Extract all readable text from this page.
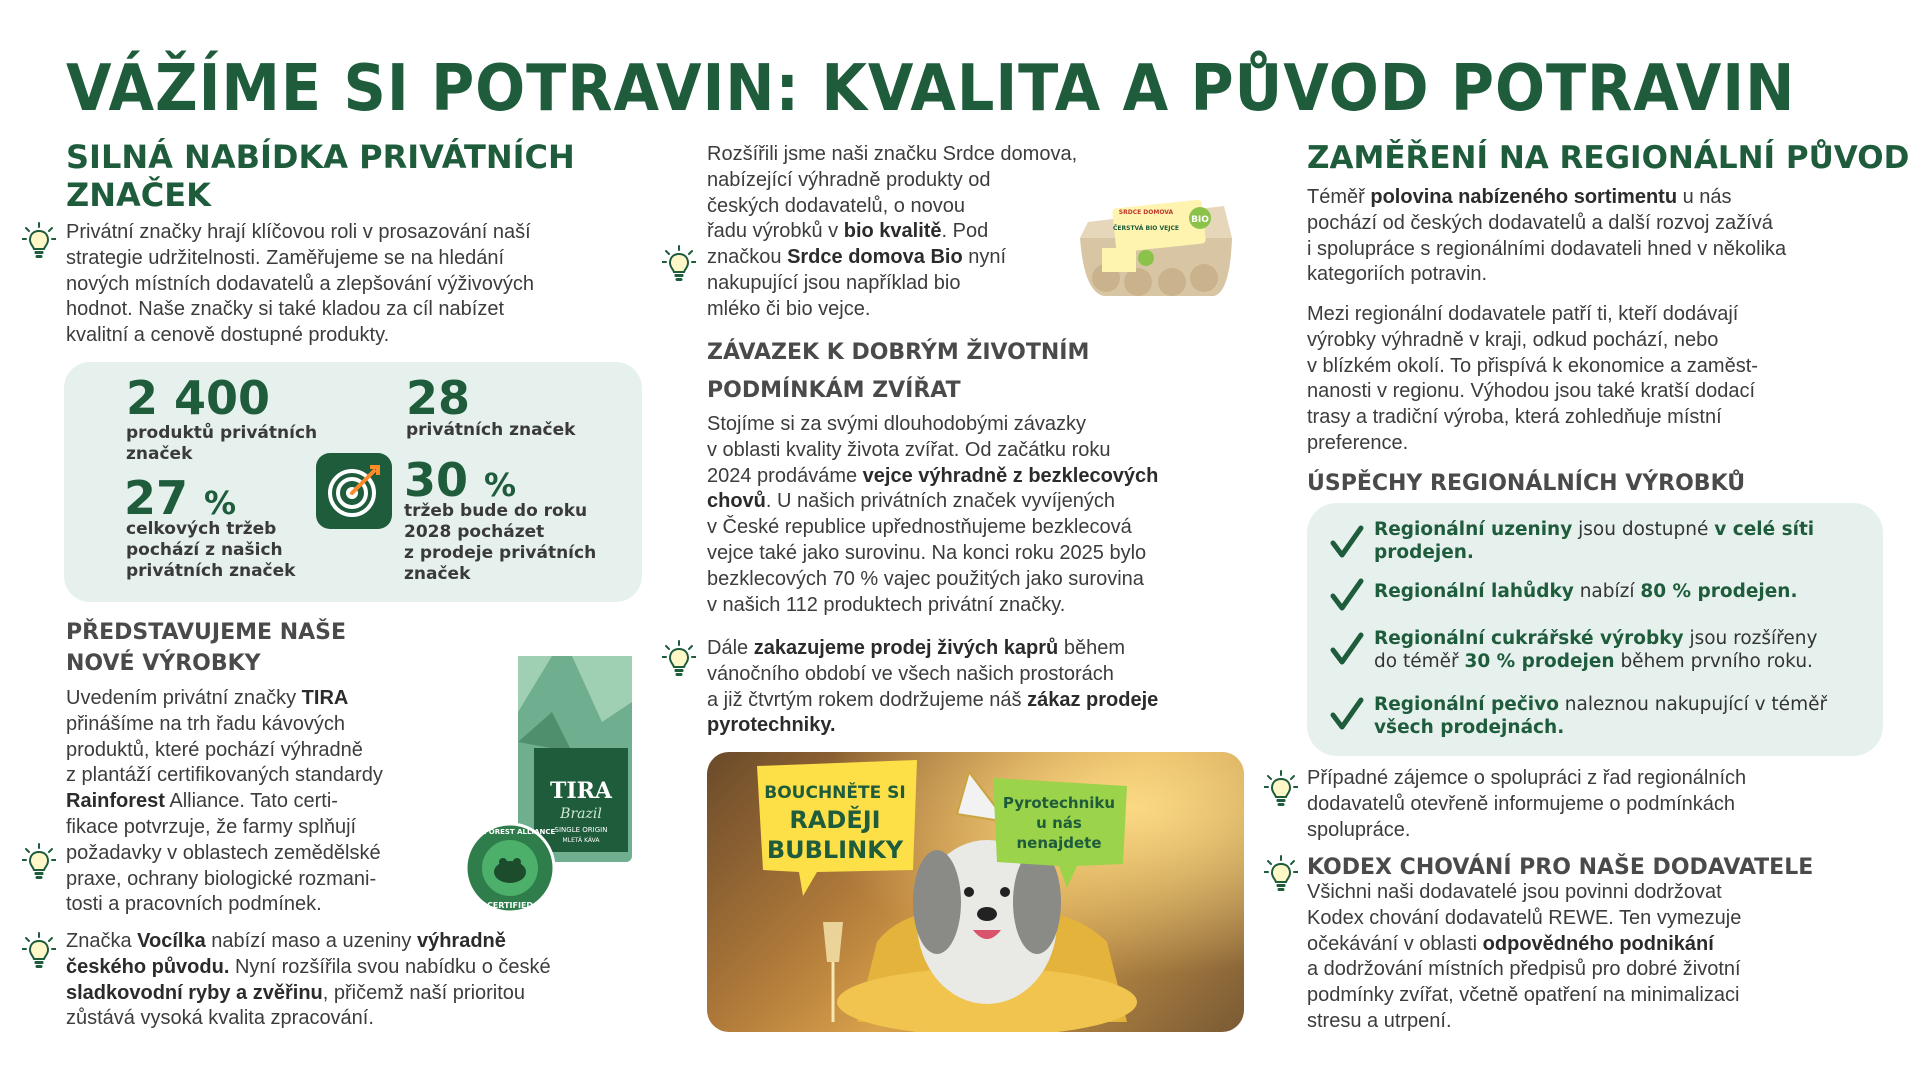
VÁŽÍME SI POTRAVIN: KVALITA A PŮVOD POTRAVIN
SILNÁ NABÍDKA PRIVÁTNÍCH
ZNAČEK
Privátní značky hrají klíčovou roli v prosazování naší
strategie udržitelnosti. Zaměřujeme se na hledání
nových místních dodavatelů a zlepšování výživových
hodnot. Naše značky si také kladou za cíl nabízet
kvalitní a cenově dostupné produkty.
2 400
produktů privátních
značek
28
privátních značek
27 %
celkových tržeb
pochází z našich
privátních značek
30 %
tržeb bude do roku
2028 pocházet
z prodeje privátních
značek
PŘEDSTAVUJEME NAŠE
NOVÉ VÝROBKY
Uvedením privátní značky TIRA
přinášíme na trh řadu kávových
produktů, které pochází výhradně
z plantáží certifikovaných standardy
Rainforest Alliance. Tato certi-
fikace potvrzuje, že farmy splňují
požadavky v oblastech zemědělské
praxe, ochrany biologické rozmani-
tosti a pracovních podmínek.
TIRA
Brazil
SINGLE ORIGIN
MLETÁ KÁVA
RAINFOREST ALLIANCE
CERTIFIED
Značka Vocílka nabízí maso a uzeniny výhradně
českého původu. Nyní rozšířila svou nabídku o české
sladkovodní ryby a zvěřinu, přičemž naší prioritou
zůstává vysoká kvalita zpracování.
Rozšířili jsme naši značku Srdce domova,
nabízející výhradně produkty od
českých dodavatelů, o novou
řadu výrobků v bio kvalitě. Pod
značkou Srdce domova Bio nyní
nakupující jsou například bio
mléko či bio vejce.
SRDCE DOMOVA
ČERSTVÁ BIO VEJCE
BIO
ZÁVAZEK K DOBRÝM ŽIVOTNÍM
PODMÍNKÁM ZVÍŘAT
Stojíme si za svými dlouhodobými závazky
v oblasti kvality života zvířat. Od začátku roku
2024 prodáváme vejce výhradně z bezklecových
chovů. U našich privátních značek vyvíjených
v České republice upřednostňujeme bezklecová
vejce také jako surovinu. Na konci roku 2025 bylo
bezklecových 70 % vajec použitých jako surovina
v našich 112 produktech privátní značky.
Dále zakazujeme prodej živých kaprů během
vánočního období ve všech našich prostorách
a již čtvrtým rokem dodržujeme náš zákaz prodeje
pyrotechniky.
BOUCHNĚTE SI
RADĚJI
BUBLINKY
Pyrotechniku
u nás
nenajdete
ZAMĚŘENÍ NA REGIONÁLNÍ PŮVOD
Téměř polovina nabízeného sortimentu u nás
pochází od českých dodavatelů a další rozvoj zažívá
i spolupráce s regionálními dodavateli hned v několika
kategoriích potravin.
Mezi regionální dodavatele patří ti, kteří dodávají
výrobky výhradně v kraji, odkud pochází, nebo
v blízkém okolí. To přispívá k ekonomice a zaměst-
nanosti v regionu. Výhodou jsou také kratší dodací
trasy a tradiční výroba, která zohledňuje místní
preference.
ÚSPĚCHY REGIONÁLNÍCH VÝROBKŮ
Regionální uzeniny jsou dostupné v celé síti
prodejen.
Regionální lahůdky nabízí 80 % prodejen.
Regionální cukrářské výrobky jsou rozšířeny
do téměř 30 % prodejen během prvního roku.
Regionální pečivo naleznou nakupující v téměř
všech prodejnách.
Případné zájemce o spolupráci z řad regionálních
dodavatelů otevřeně informujeme o podmínkách
spolupráce.
KODEX CHOVÁNÍ PRO NAŠE DODAVATELE
Všichni naši dodavatelé jsou povinni dodržovat
Kodex chování dodavatelů REWE. Ten vymezuje
očekávání v oblasti odpovědného podnikání
a dodržování místních předpisů pro dobré životní
podmínky zvířat, včetně opatření na minimalizaci
stresu a utrpení.
